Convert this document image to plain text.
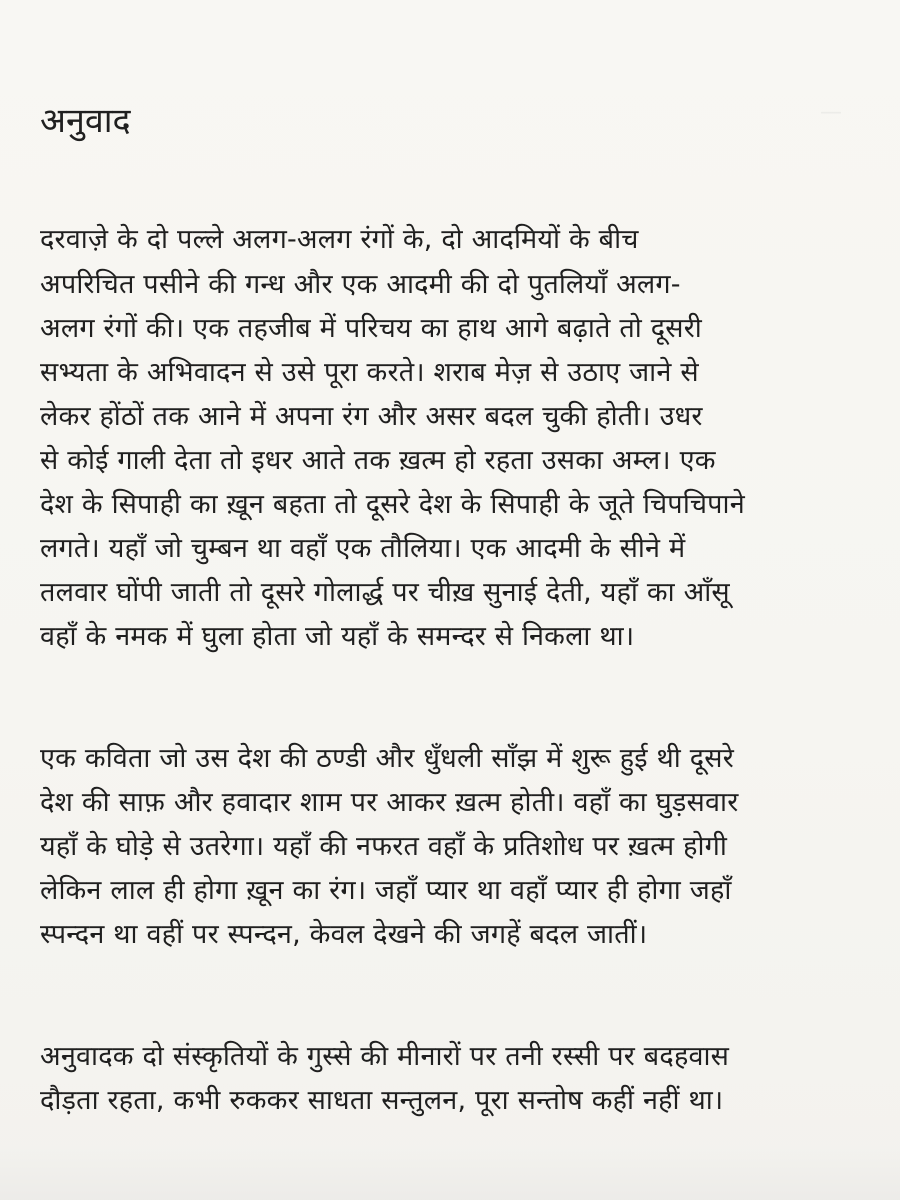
—
अनुवाद
दरवाज़े के दो पल्ले अलग-अलग रंगों के, दो आदमियों के बीच
अपरिचित पसीने की गन्ध और एक आदमी की दो पुतलियाँ अलग-
अलग रंगों की। एक तहजीब में परिचय का हाथ आगे बढ़ाते तो दूसरी
सभ्यता के अभिवादन से उसे पूरा करते। शराब मेज़ से उठाए जाने से
लेकर होंठों तक आने में अपना रंग और असर बदल चुकी होती। उधर
से कोई गाली देता तो इधर आते तक ख़त्म हो रहता उसका अम्ल। एक
देश के सिपाही का ख़ून बहता तो दूसरे देश के सिपाही के जूते चिपचिपाने
लगते। यहाँ जो चुम्बन था वहाँ एक तौलिया। एक आदमी के सीने में
तलवार घोंपी जाती तो दूसरे गोलार्द्ध पर चीख़ सुनाई देती, यहाँ का आँसू
वहाँ के नमक में घुला होता जो यहाँ के समन्दर से निकला था।
एक कविता जो उस देश की ठण्डी और धुँधली साँझ में शुरू हुई थी दूसरे
देश की साफ़ और हवादार शाम पर आकर ख़त्म होती। वहाँ का घुड़सवार
यहाँ के घोड़े से उतरेगा। यहाँ की नफरत वहाँ के प्रतिशोध पर ख़त्म होगी
लेकिन लाल ही होगा ख़ून का रंग। जहाँ प्यार था वहाँ प्यार ही होगा जहाँ
स्पन्दन था वहीं पर स्पन्दन, केवल देखने की जगहें बदल जातीं।
अनुवादक दो संस्कृतियों के गुस्से की मीनारों पर तनी रस्सी पर बदहवास
दौड़ता रहता, कभी रुककर साधता सन्तुलन, पूरा सन्तोष कहीं नहीं था।
